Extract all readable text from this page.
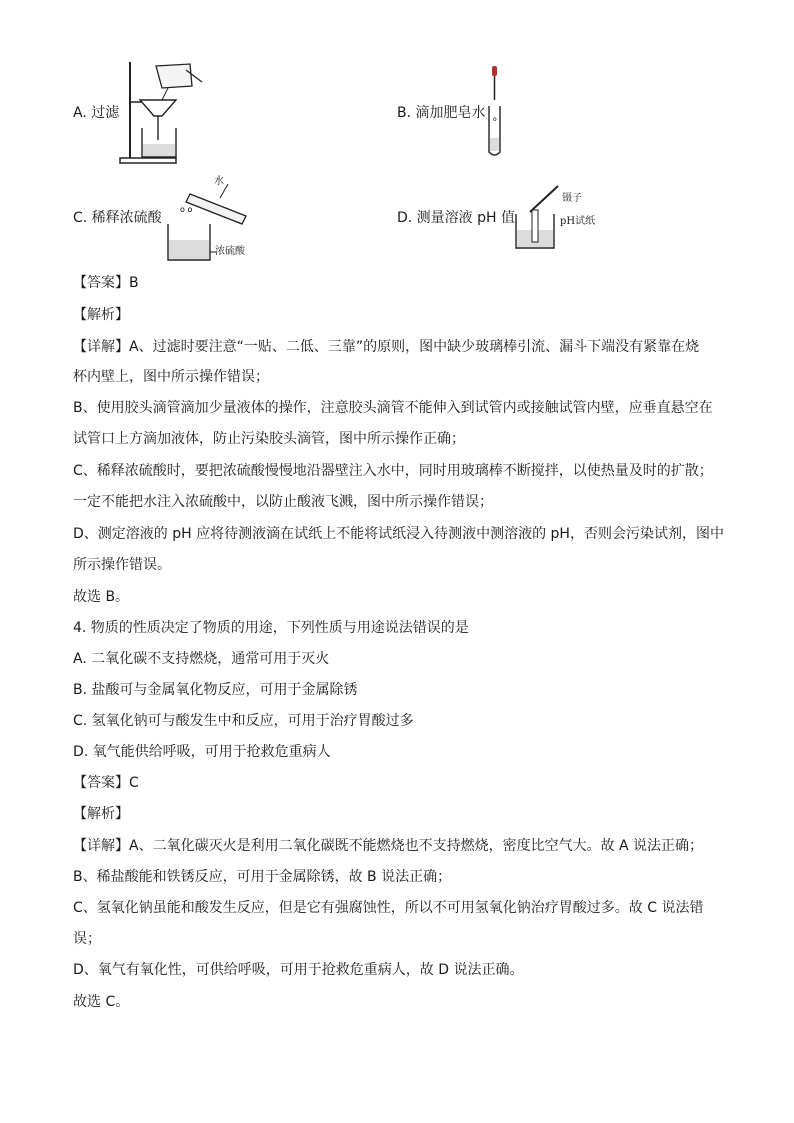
A. 过滤	B. 滴加肥皂水
C. 稀释浓硫酸	D. 测量溶液 pH 值
o
o o
水
浓硫酸
镊子
pH试纸
【答案】B
【解析】
【详解】A、过滤时要注意“一贴、二低、三靠”的原则，图中缺少玻璃棒引流、漏斗下端没有紧靠在烧
杯内壁上，图中所示操作错误；
B、使用胶头滴管滴加少量液体的操作，注意胶头滴管不能伸入到试管内或接触试管内壁，应垂直悬空在
试管口上方滴加液体，防止污染胶头滴管，图中所示操作正确；
C、稀释浓硫酸时，要把浓硫酸慢慢地沿器壁注入水中，同时用玻璃棒不断搅拌，以使热量及时的扩散；
一定不能把水注入浓硫酸中，以防止酸液飞溅，图中所示操作错误；
D、测定溶液的 pH 应将待测液滴在试纸上不能将试纸浸入待测液中测溶液的 pH，否则会污染试剂，图中
所示操作错误。
故选 B。
4. 物质的性质决定了物质的用途，下列性质与用途说法错误的是
A. 二氧化碳不支持燃烧，通常可用于灭火
B. 盐酸可与金属氧化物反应，可用于金属除锈
C. 氢氧化钠可与酸发生中和反应，可用于治疗胃酸过多
D. 氧气能供给呼吸，可用于抢救危重病人
【答案】C
【解析】
【详解】A、二氧化碳灭火是利用二氧化碳既不能燃烧也不支持燃烧，密度比空气大。故 A 说法正确；
B、稀盐酸能和铁锈反应，可用于金属除锈，故 B 说法正确；
C、氢氧化钠虽能和酸发生反应，但是它有强腐蚀性，所以不可用氢氧化钠治疗胃酸过多。故 C 说法错
误；
D、氧气有氧化性，可供给呼吸，可用于抢救危重病人，故 D 说法正确。
故选 C。
